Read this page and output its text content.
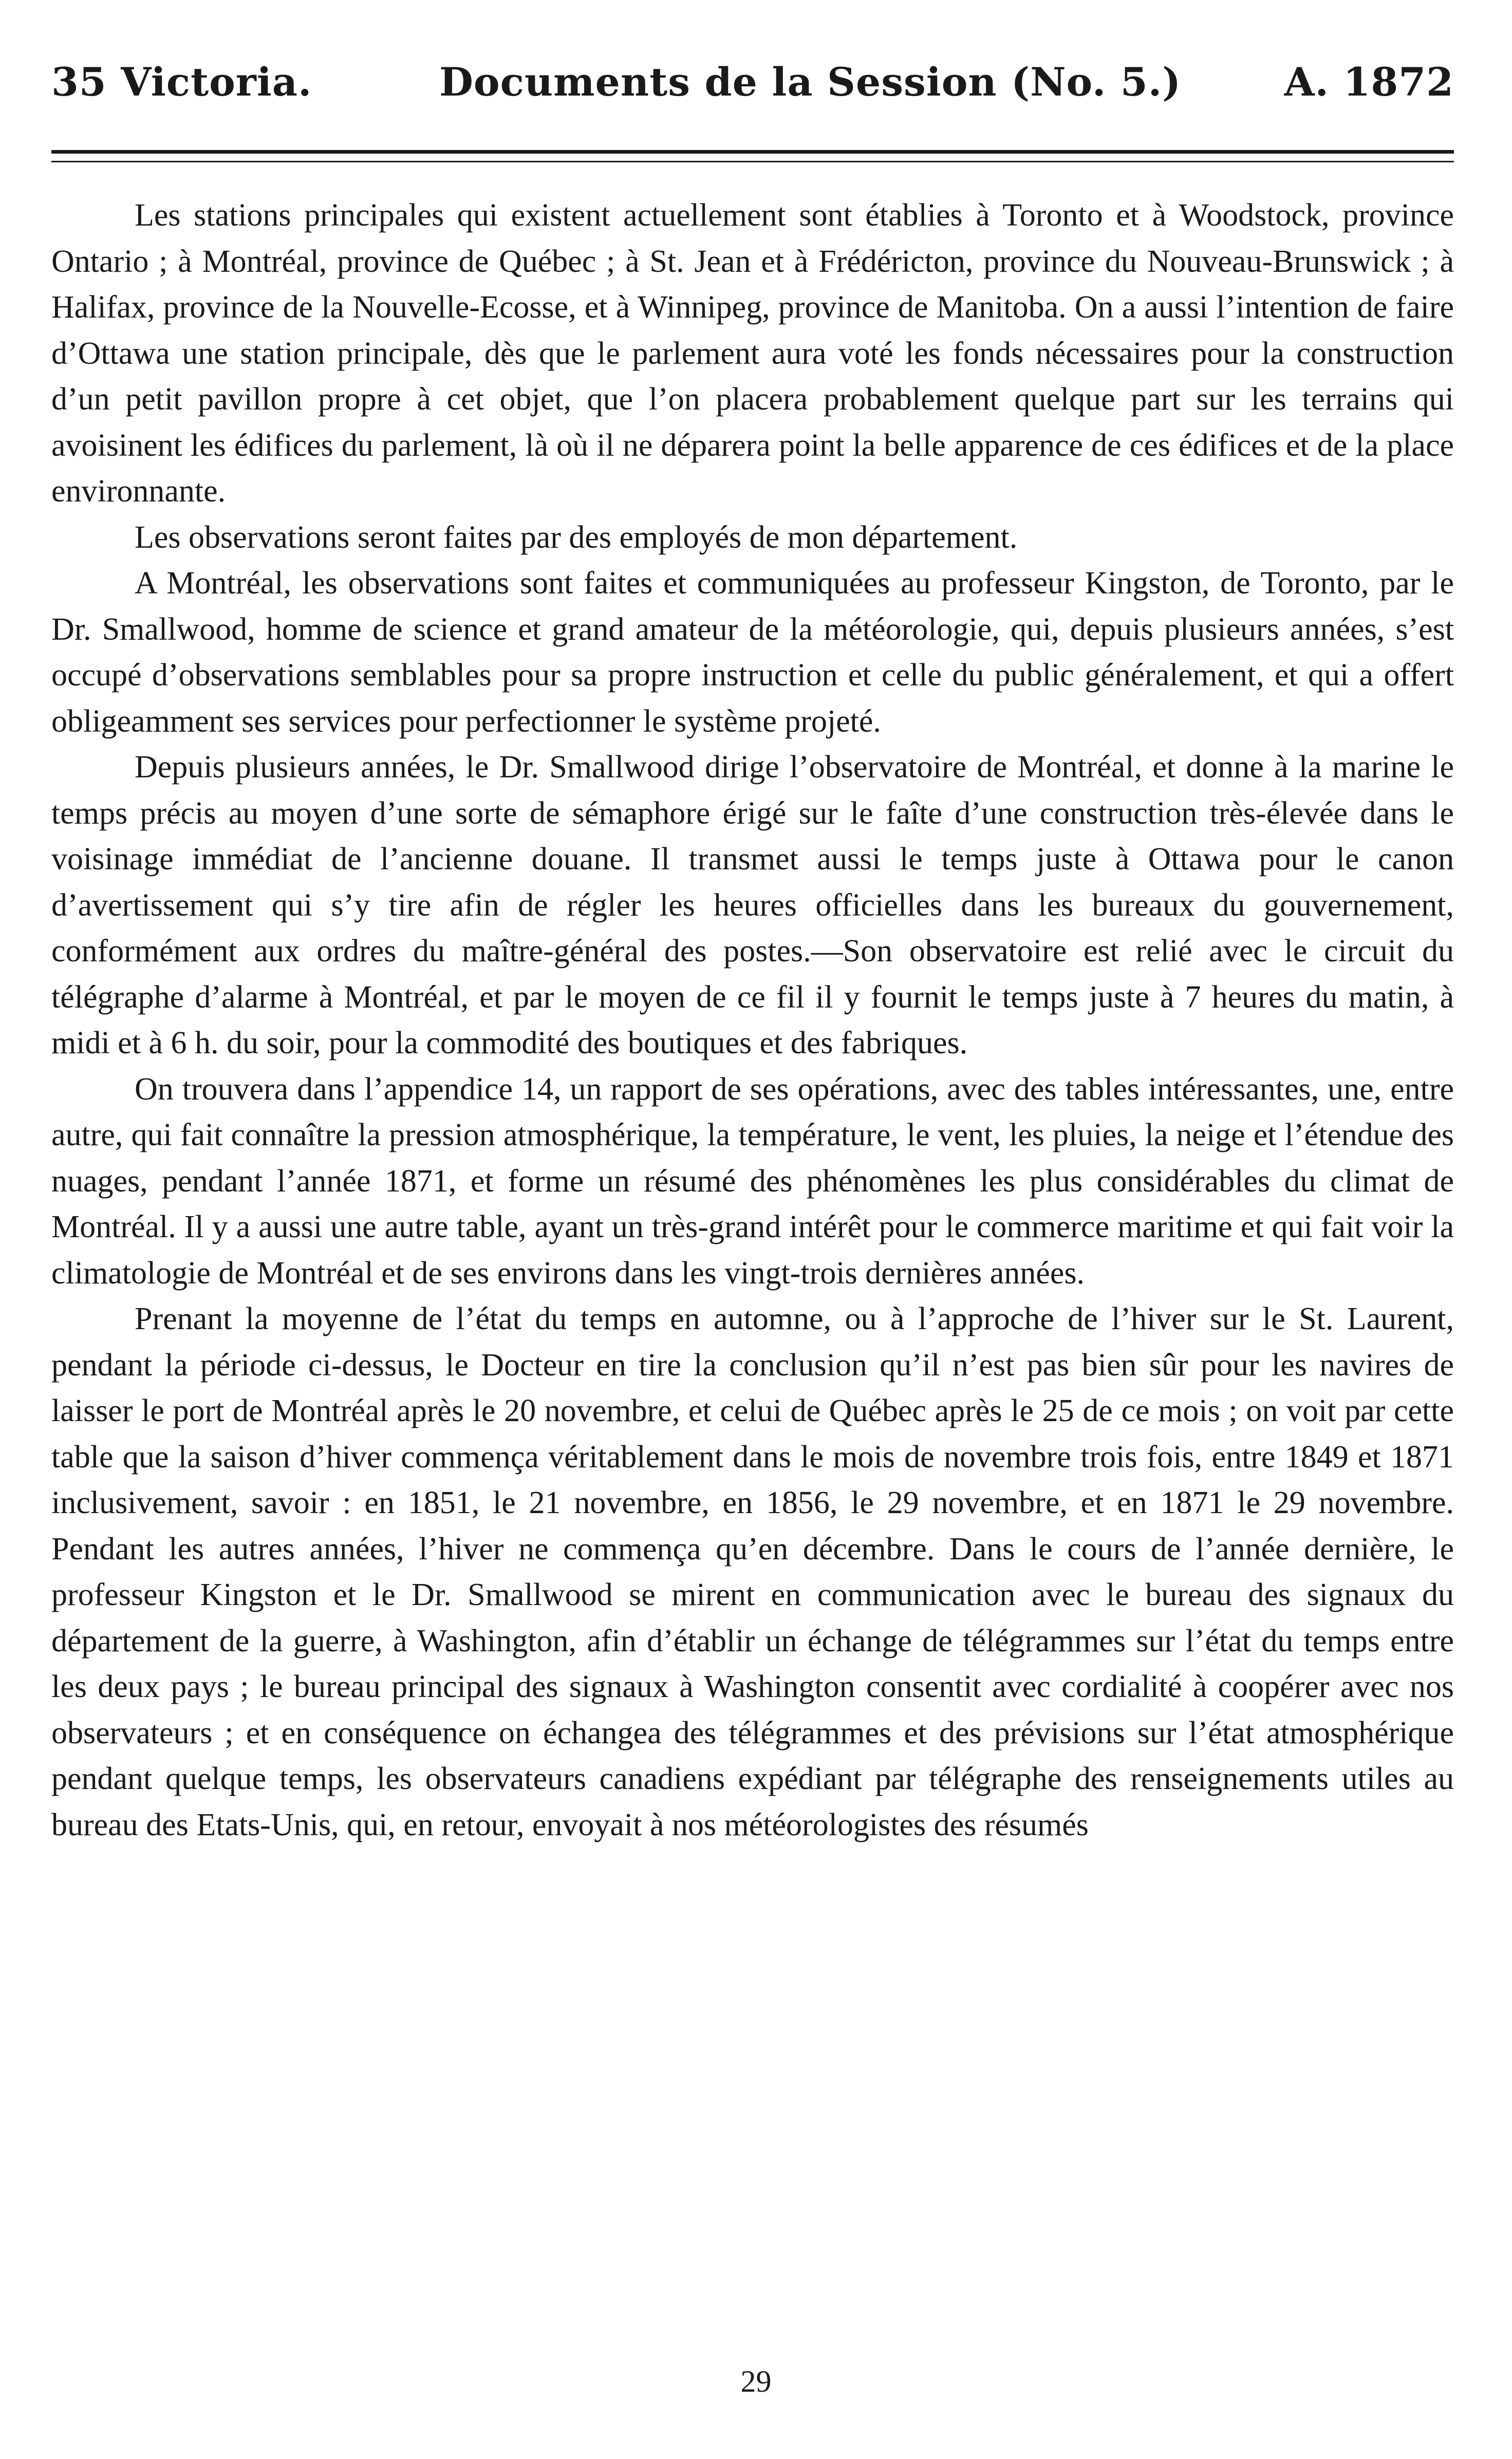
35 Victoria.	Documents de la Session (No. 5.)	A. 1872

Les stations principales qui existent actuellement sont établies à Toronto et à Woodstock, province Ontario ; à Montréal, province de Québec ; à St. Jean et à Frédéricton, province du Nouveau-Brunswick ; à Halifax, province de la Nouvelle-Ecosse, et à Winnipeg, province de Manitoba. On a aussi l’intention de faire d’Ottawa une station principale, dès que le parlement aura voté les fonds nécessaires pour la construction d’un petit pavillon propre à cet objet, que l’on placera probablement quelque part sur les terrains qui avoisinent les édifices du parlement, là où il ne déparera point la belle apparence de ces édifices et de la place environnante.

Les observations seront faites par des employés de mon département.

A Montréal, les observations sont faites et communiquées au professeur Kingston, de Toronto, par le Dr. Smallwood, homme de science et grand amateur de la météorologie, qui, depuis plusieurs années, s’est occupé d’observations semblables pour sa propre instruction et celle du public généralement, et qui a offert obligeamment ses services pour perfectionner le système projeté.

Depuis plusieurs années, le Dr. Smallwood dirige l’observatoire de Montréal, et donne à la marine le temps précis au moyen d’une sorte de sémaphore érigé sur le faîte d’une construction très-élevée dans le voisinage immédiat de l’ancienne douane. Il transmet aussi le temps juste à Ottawa pour le canon d’avertissement qui s’y tire afin de régler les heures officielles dans les bureaux du gouvernement, conformément aux ordres du maître-général des postes.—Son observatoire est relié avec le circuit du télégraphe d’alarme à Montréal, et par le moyen de ce fil il y fournit le temps juste à 7 heures du matin, à midi et à 6 h. du soir, pour la commodité des boutiques et des fabriques.

On trouvera dans l’appendice 14, un rapport de ses opérations, avec des tables intéressantes, une, entre autre, qui fait connaître la pression atmosphérique, la température, le vent, les pluies, la neige et l’étendue des nuages, pendant l’année 1871, et forme un résumé des phénomènes les plus considérables du climat de Montréal. Il y a aussi une autre table, ayant un très-grand intérêt pour le commerce maritime et qui fait voir la climatologie de Montréal et de ses environs dans les vingt-trois dernières années.

Prenant la moyenne de l’état du temps en automne, ou à l’approche de l’hiver sur le St. Laurent, pendant la période ci-dessus, le Docteur en tire la conclusion qu’il n’est pas bien sûr pour les navires de laisser le port de Montréal après le 20 novembre, et celui de Québec après le 25 de ce mois ; on voit par cette table que la saison d’hiver commença véritablement dans le mois de novembre trois fois, entre 1849 et 1871 inclusivement, savoir : en 1851, le 21 novembre, en 1856, le 29 novembre, et en 1871 le 29 novembre. Pendant les autres années, l’hiver ne commença qu’en décembre. Dans le cours de l’année dernière, le professeur Kingston et le Dr. Smallwood se mirent en communication avec le bureau des signaux du département de la guerre, à Washington, afin d’établir un échange de télégrammes sur l’état du temps entre les deux pays ; le bureau principal des signaux à Washington consentit avec cordialité à coopérer avec nos observateurs ; et en conséquence on échangea des télégrammes et des prévisions sur l’état atmosphérique pendant quelque temps, les observateurs canadiens expédiant par télégraphe des renseignements utiles au bureau des Etats-Unis, qui, en retour, envoyait à nos météorologistes des résumés

29
